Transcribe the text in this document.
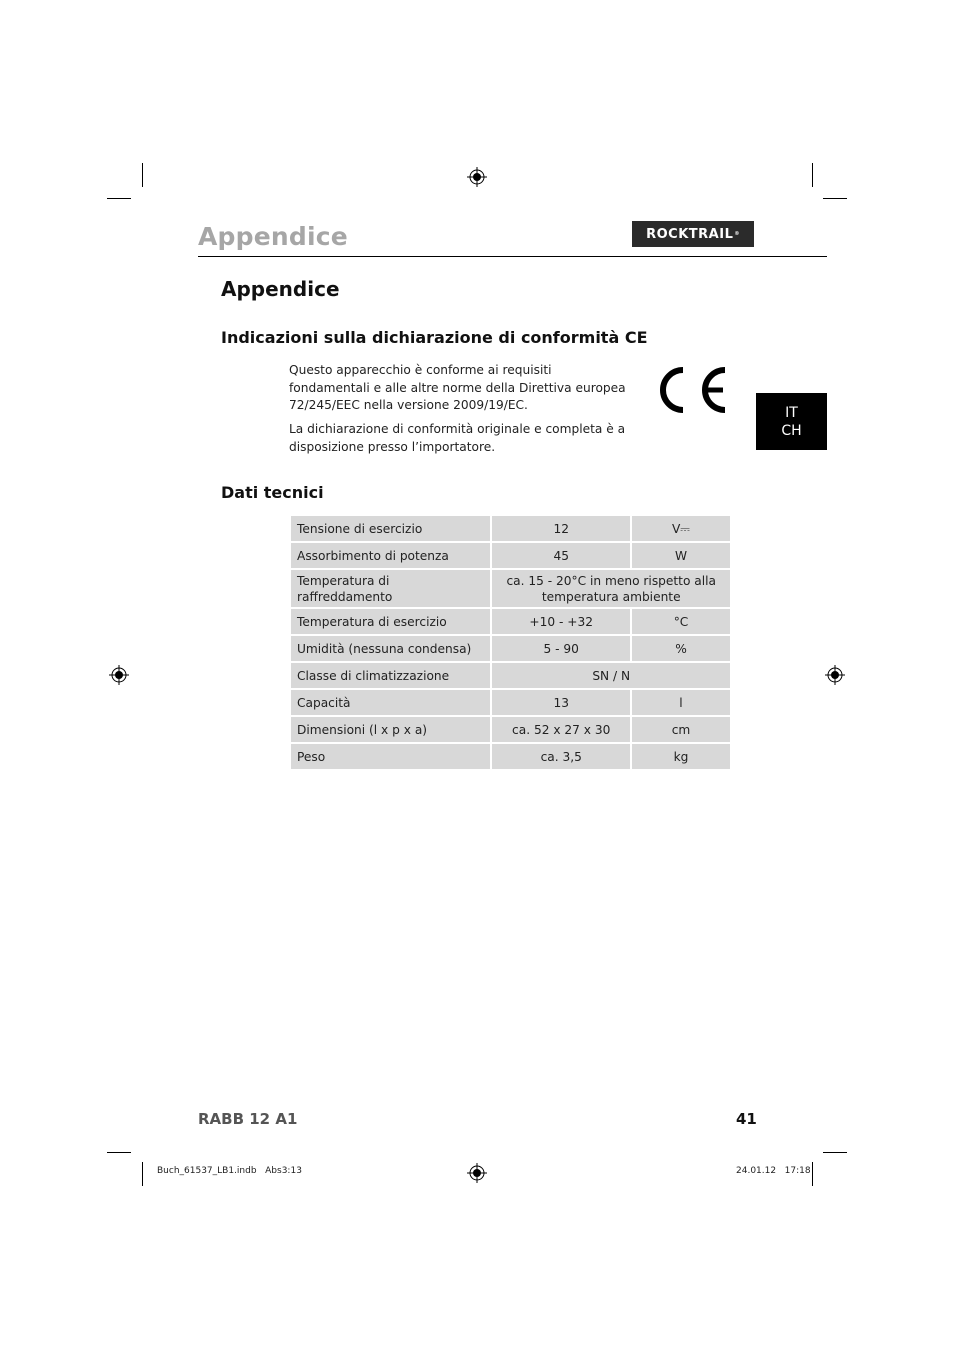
Appendice	ROCKTRAIL ®
Appendice
Indicazioni sulla dichiarazione di conformità CE
Questo apparecchio è conforme ai requisiti fondamentali e alle altre norme della Direttiva europea 72/245/EEC nella versione 2009/19/EC.
La dichiarazione di conformità originale e completa è a disposizione presso l’importatore.
IT
CH
Dati tecnici
Tensione di esercizio	12	V⎓
Assorbimento di potenza	45	W
Temperatura di raffreddamento	ca. 15 - 20°C in meno rispetto alla temperatura ambiente	
Temperatura di esercizio	+10 - +32	°C
Umidità (nessuna condensa)	5 - 90	%
Classe di climatizzazione	SN / N	
Capacità	13	l
Dimensioni (l x p x a)	ca. 52 x 27 x 30	cm
Peso	ca. 3,5	kg
RABB 12 A1	41
Buch_61537_LB1.indb   Abs3:13	24.01.12   17:18
